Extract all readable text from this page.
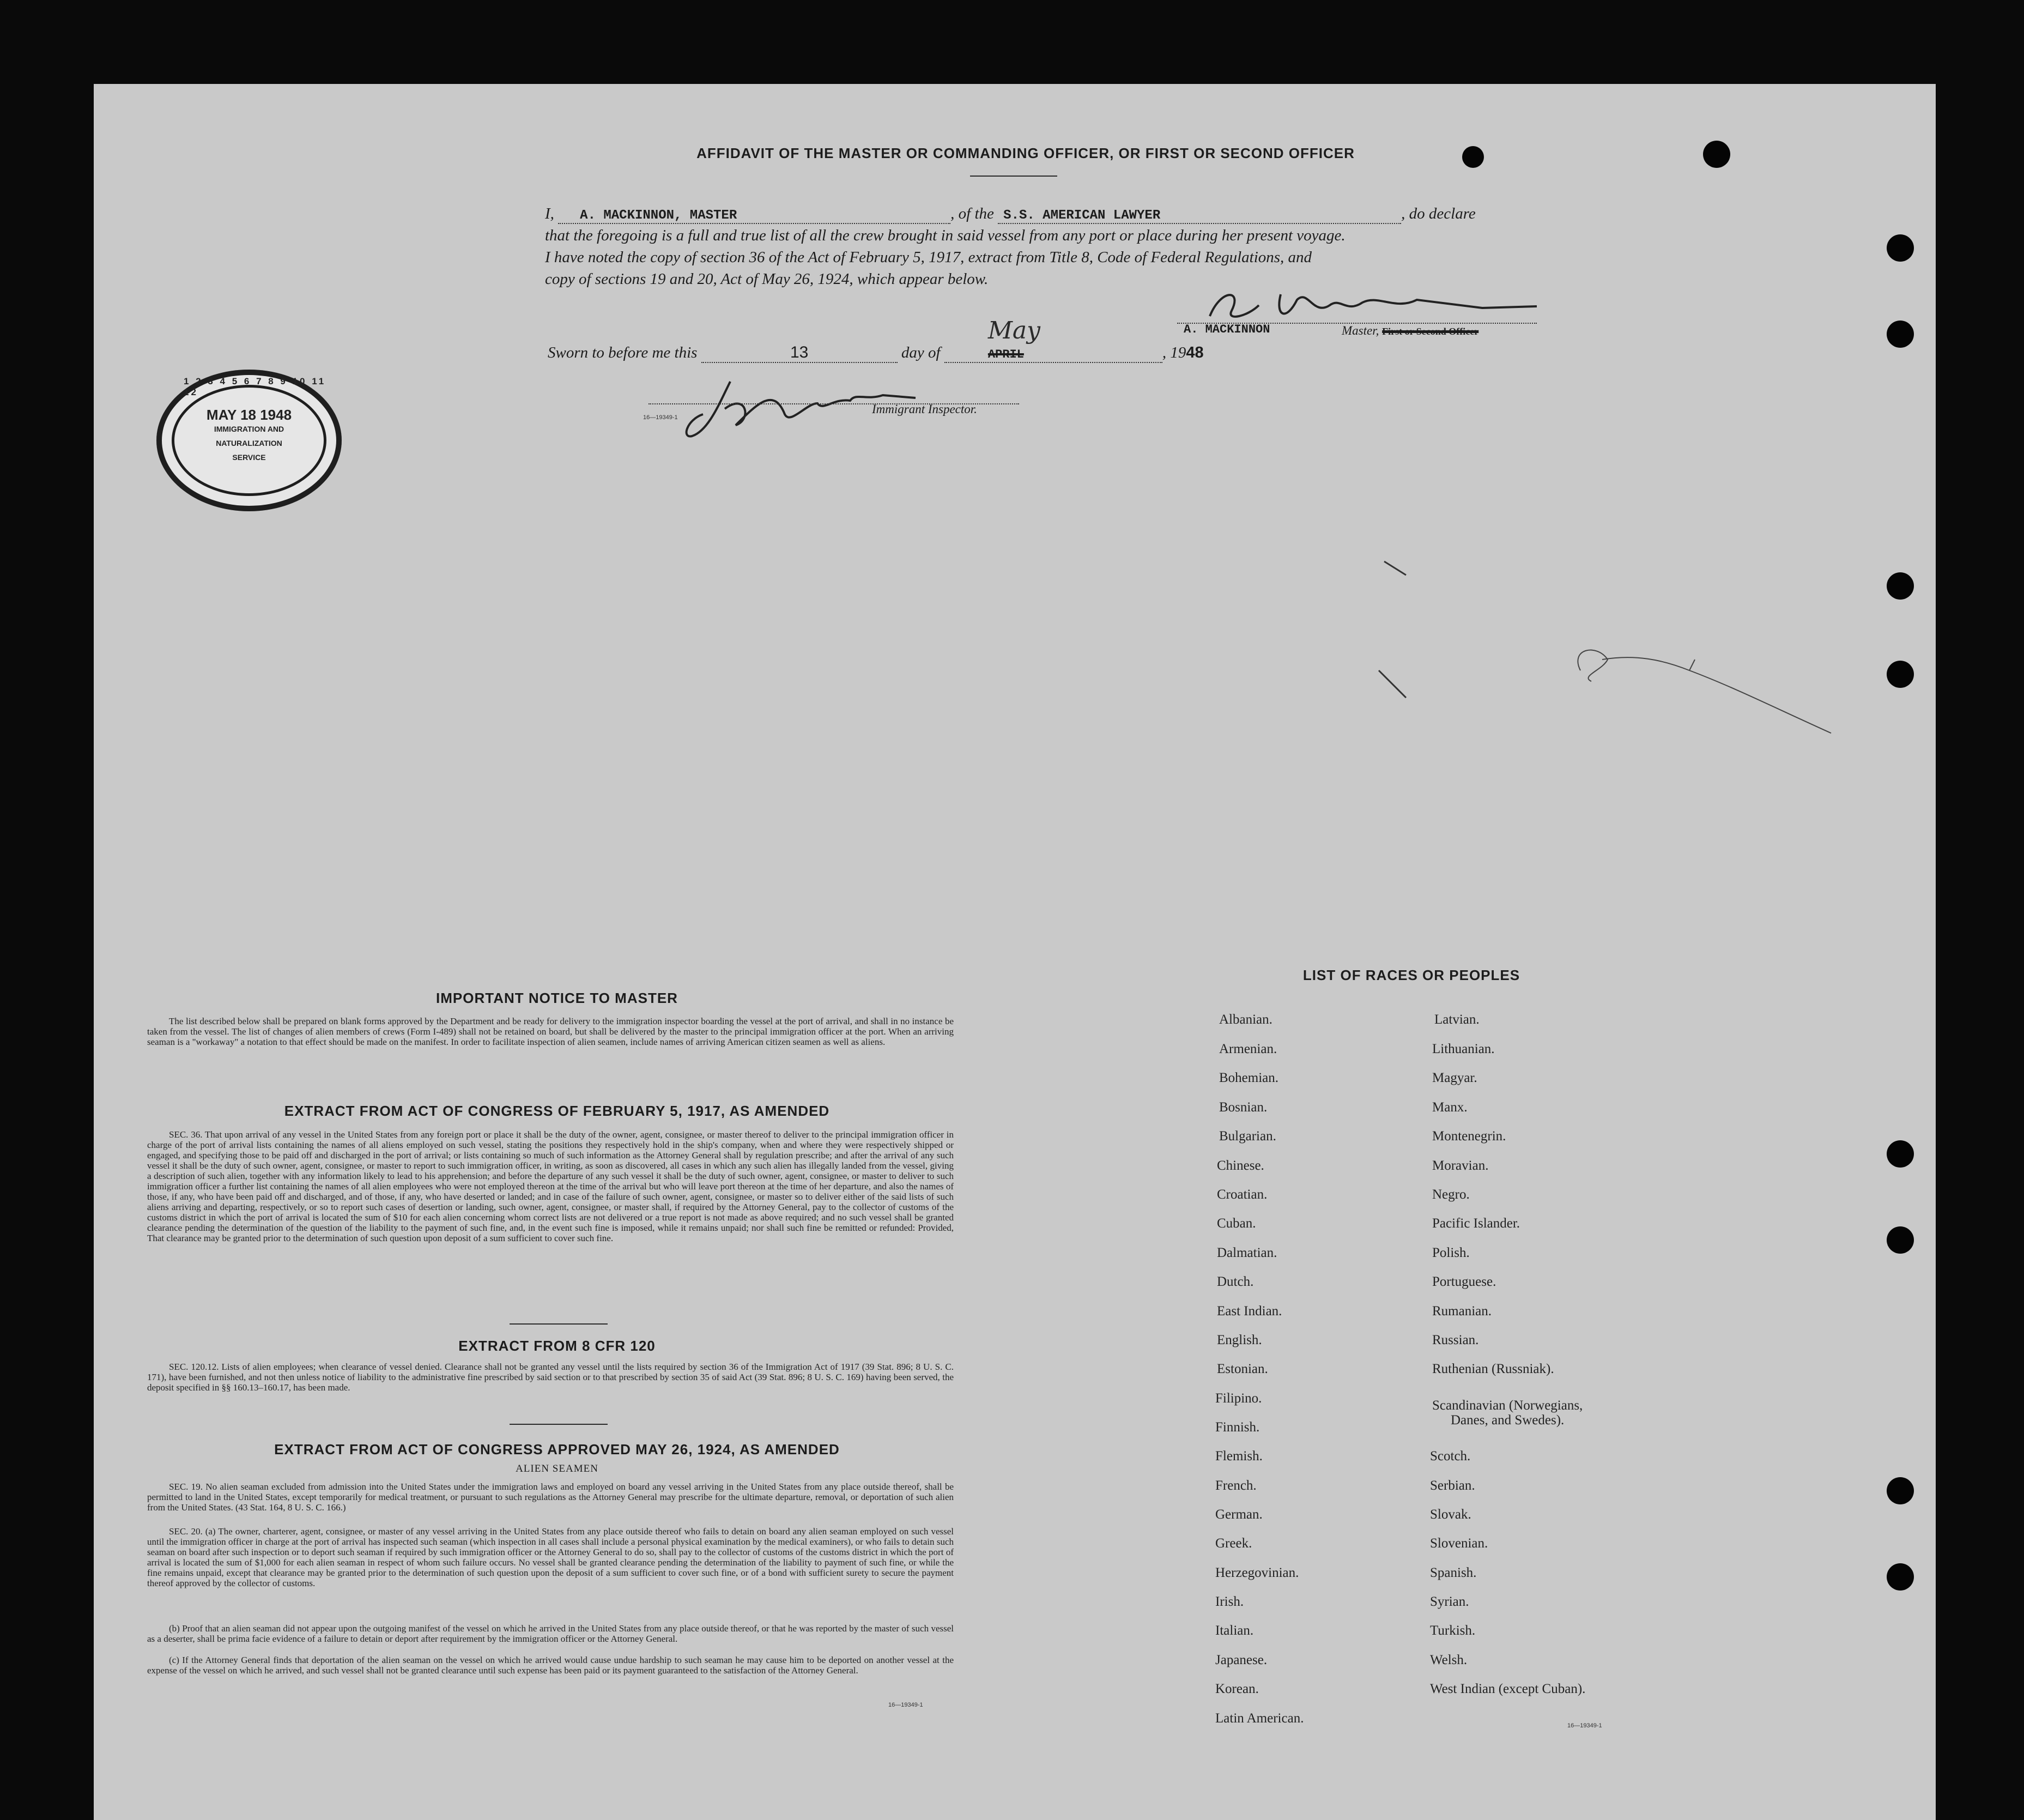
AFFIDAVIT OF THE MASTER OR COMMANDING OFFICER, OR FIRST OR SECOND OFFICER
I, A. MACKINNON, MASTER	, of the S.S. AMERICAN LAWYER	, do declare
that the foregoing is a full and true list of all the crew brought in said vessel from any port or place during her present voyage.
I have noted the copy of section 36 of the Act of February 5, 1917, extract from Title 8, Code of Federal Regulations, and
copy of sections 19 and 20, Act of May 26, 1924, which appear below.
A. MACKINNON	Master, First or Second Officer
Sworn to before me this	13	day of	APRIL
May
, 1948
16—19349-1
Immigrant Inspector.
1 2 3 4 5 6 7 8 9 10 11 12
MAY 18 1948
IMMIGRATION AND
NATURALIZATION
SERVICE
IMPORTANT NOTICE TO MASTER
The list described below shall be prepared on blank forms approved by the Department and be ready for delivery to the immigration inspector boarding the vessel at the port of arrival, and shall in no instance be taken from the vessel. The list of changes of alien members of crews (Form I-489) shall not be retained on board, but shall be delivered by the master to the principal immigration officer at the port. When an arriving seaman is a "workaway" a notation to that effect should be made on the manifest. In order to facilitate inspection of alien seamen, include names of arriving American citizen seamen as well as aliens.
EXTRACT FROM ACT OF CONGRESS OF FEBRUARY 5, 1917, AS AMENDED
SEC. 36. That upon arrival of any vessel in the United States from any foreign port or place it shall be the duty of the owner, agent, consignee, or master thereof to deliver to the principal immigration officer in charge of the port of arrival lists containing the names of all aliens employed on such vessel, stating the positions they respectively hold in the ship's company, when and where they were respectively shipped or engaged, and specifying those to be paid off and discharged in the port of arrival; or lists containing so much of such information as the Attorney General shall by regulation prescribe; and after the arrival of any such vessel it shall be the duty of such owner, agent, consignee, or master to report to such immigration officer, in writing, as soon as discovered, all cases in which any such alien has illegally landed from the vessel, giving a description of such alien, together with any information likely to lead to his apprehension; and before the departure of any such vessel it shall be the duty of such owner, agent, consignee, or master to deliver to such immigration officer a further list containing the names of all alien employees who were not employed thereon at the time of the arrival but who will leave port thereon at the time of her departure, and also the names of those, if any, who have been paid off and discharged, and of those, if any, who have deserted or landed; and in case of the failure of such owner, agent, consignee, or master so to deliver either of the said lists of such aliens arriving and departing, respectively, or so to report such cases of desertion or landing, such owner, agent, consignee, or master shall, if required by the Attorney General, pay to the collector of customs of the customs district in which the port of arrival is located the sum of $10 for each alien concerning whom correct lists are not delivered or a true report is not made as above required; and no such vessel shall be granted clearance pending the determination of the question of the liability to the payment of such fine, and, in the event such fine is imposed, while it remains unpaid; nor shall such fine be remitted or refunded: Provided, That clearance may be granted prior to the determination of such question upon deposit of a sum sufficient to cover such fine.
EXTRACT FROM 8 CFR 120
SEC. 120.12. Lists of alien employees; when clearance of vessel denied. Clearance shall not be granted any vessel until the lists required by section 36 of the Immigration Act of 1917 (39 Stat. 896; 8 U. S. C. 171), have been furnished, and not then unless notice of liability to the administrative fine prescribed by said section or to that prescribed by section 35 of said Act (39 Stat. 896; 8 U. S. C. 169) having been served, the deposit specified in §§ 160.13–160.17, has been made.
EXTRACT FROM ACT OF CONGRESS APPROVED MAY 26, 1924, AS AMENDED
ALIEN SEAMEN
SEC. 19. No alien seaman excluded from admission into the United States under the immigration laws and employed on board any vessel arriving in the United States from any place outside thereof, shall be permitted to land in the United States, except temporarily for medical treatment, or pursuant to such regulations as the Attorney General may prescribe for the ultimate departure, removal, or deportation of such alien from the United States. (43 Stat. 164, 8 U. S. C. 166.)
SEC. 20. (a) The owner, charterer, agent, consignee, or master of any vessel arriving in the United States from any place outside thereof who fails to detain on board any alien seaman employed on such vessel until the immigration officer in charge at the port of arrival has inspected such seaman (which inspection in all cases shall include a personal physical examination by the medical examiners), or who fails to detain such seaman on board after such inspection or to deport such seaman if required by such immigration officer or the Attorney General to do so, shall pay to the collector of customs of the customs district in which the port of arrival is located the sum of $1,000 for each alien seaman in respect of whom such failure occurs. No vessel shall be granted clearance pending the determination of the liability to payment of such fine, or while the fine remains unpaid, except that clearance may be granted prior to the determination of such question upon the deposit of a sum sufficient to cover such fine, or of a bond with sufficient surety to secure the payment thereof approved by the collector of customs.
(b) Proof that an alien seaman did not appear upon the outgoing manifest of the vessel on which he arrived in the United States from any place outside thereof, or that he was reported by the master of such vessel as a deserter, shall be prima facie evidence of a failure to detain or deport after requirement by the immigration officer or the Attorney General.
(c) If the Attorney General finds that deportation of the alien seaman on the vessel on which he arrived would cause undue hardship to such seaman he may cause him to be deported on another vessel at the expense of the vessel on which he arrived, and such vessel shall not be granted clearance until such expense has been paid or its payment guaranteed to the satisfaction of the Attorney General.
16—19349-1
LIST OF RACES OR PEOPLES
Albanian.
Armenian.
Bohemian.
Bosnian.
Bulgarian.
Chinese.
Croatian.
Cuban.
Dalmatian.
Dutch.
East Indian.
English.
Estonian.
Filipino.
Finnish.
Flemish.
French.
German.
Greek.
Herzegovinian.
Irish.
Italian.
Japanese.
Korean.
Latin American.
Latvian.
Lithuanian.
Magyar.
Manx.
Montenegrin.
Moravian.
Negro.
Pacific Islander.
Polish.
Portuguese.
Rumanian.
Russian.
Ruthenian (Russniak).
Scandinavian (Norwegians,
Danes, and Swedes).
Scotch.
Serbian.
Slovak.
Slovenian.
Spanish.
Syrian.
Turkish.
Welsh.
West Indian (except Cuban).
16—19349-1
